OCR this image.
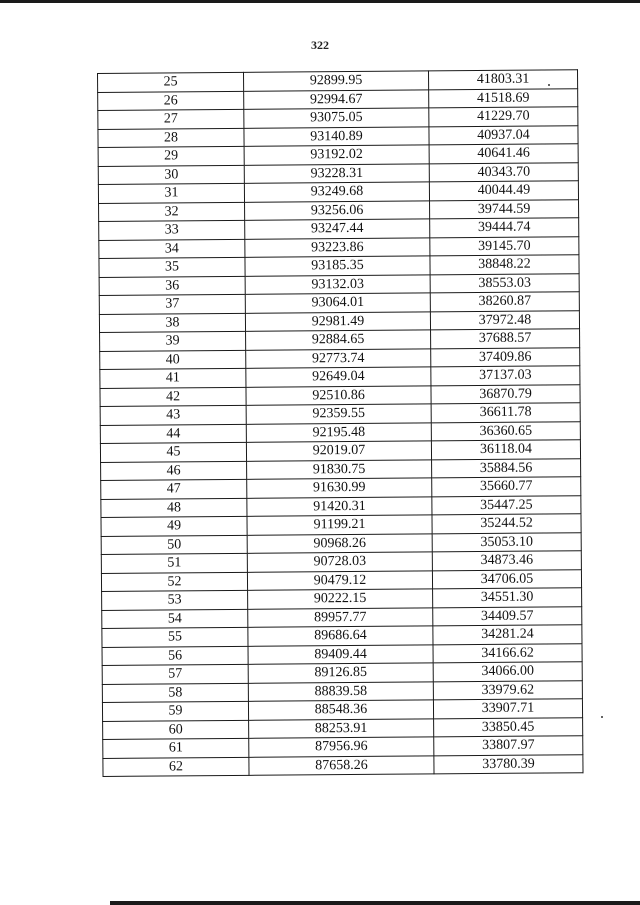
322
25	92899.95	41803.31
26	92994.67	41518.69
27	93075.05	41229.70
28	93140.89	40937.04
29	93192.02	40641.46
30	93228.31	40343.70
31	93249.68	40044.49
32	93256.06	39744.59
33	93247.44	39444.74
34	93223.86	39145.70
35	93185.35	38848.22
36	93132.03	38553.03
37	93064.01	38260.87
38	92981.49	37972.48
39	92884.65	37688.57
40	92773.74	37409.86
41	92649.04	37137.03
42	92510.86	36870.79
43	92359.55	36611.78
44	92195.48	36360.65
45	92019.07	36118.04
46	91830.75	35884.56
47	91630.99	35660.77
48	91420.31	35447.25
49	91199.21	35244.52
50	90968.26	35053.10
51	90728.03	34873.46
52	90479.12	34706.05
53	90222.15	34551.30
54	89957.77	34409.57
55	89686.64	34281.24
56	89409.44	34166.62
57	89126.85	34066.00
58	88839.58	33979.62
59	88548.36	33907.71
60	88253.91	33850.45
61	87956.96	33807.97
62	87658.26	33780.39
